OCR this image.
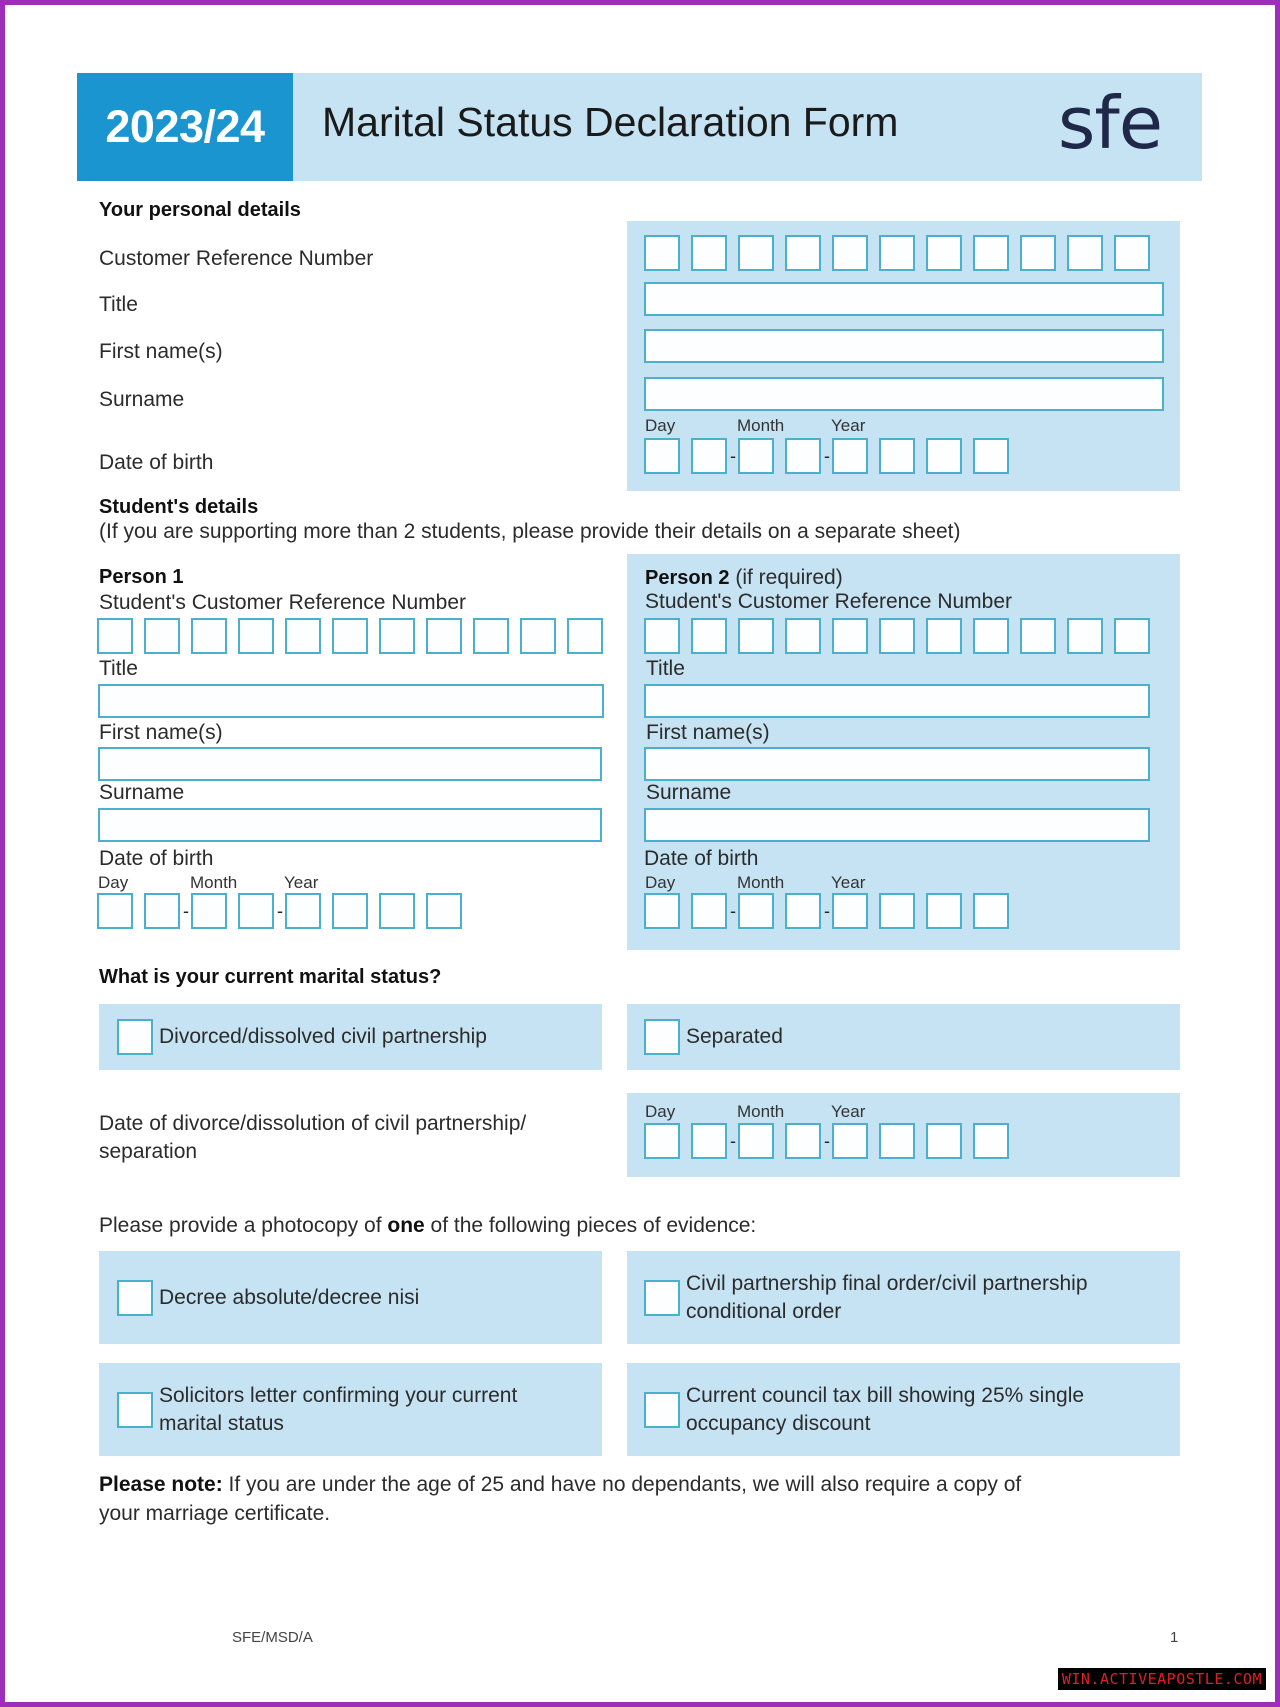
2023/24	Marital Status Declaration Form sfe
Your personal details
Customer Reference Number
Title
First name(s)
Surname
Date of birth
Day	Month	Year
-	-
Student's details
(If you are supporting more than 2 students, please provide their details on a separate sheet)
Person 1
Student's Customer Reference Number
Title
First name(s)
Surname
Date of birth
Day	Month	Year
-	-
Person 2 (if required)
Student's Customer Reference Number
Title
First name(s)
Surname
Date of birth
Day	Month	Year
-	-
What is your current marital status?
Divorced/dissolved civil partnership	Separated
Date of divorce/dissolution of civil partnership/
separation
Day	Month	Year
-	-
Please provide a photocopy of one of the following pieces of evidence:
Decree absolute/decree nisi
Civil partnership final order/civil partnership
conditional order
Solicitors letter confirming your current
marital status
Current council tax bill showing 25% single
occupancy discount
Please note: If you are under the age of 25 and have no dependants, we will also require a copy of
your marriage certificate.
SFE/MSD/A	1
WIN.ACTIVEAPOSTLE.COM
